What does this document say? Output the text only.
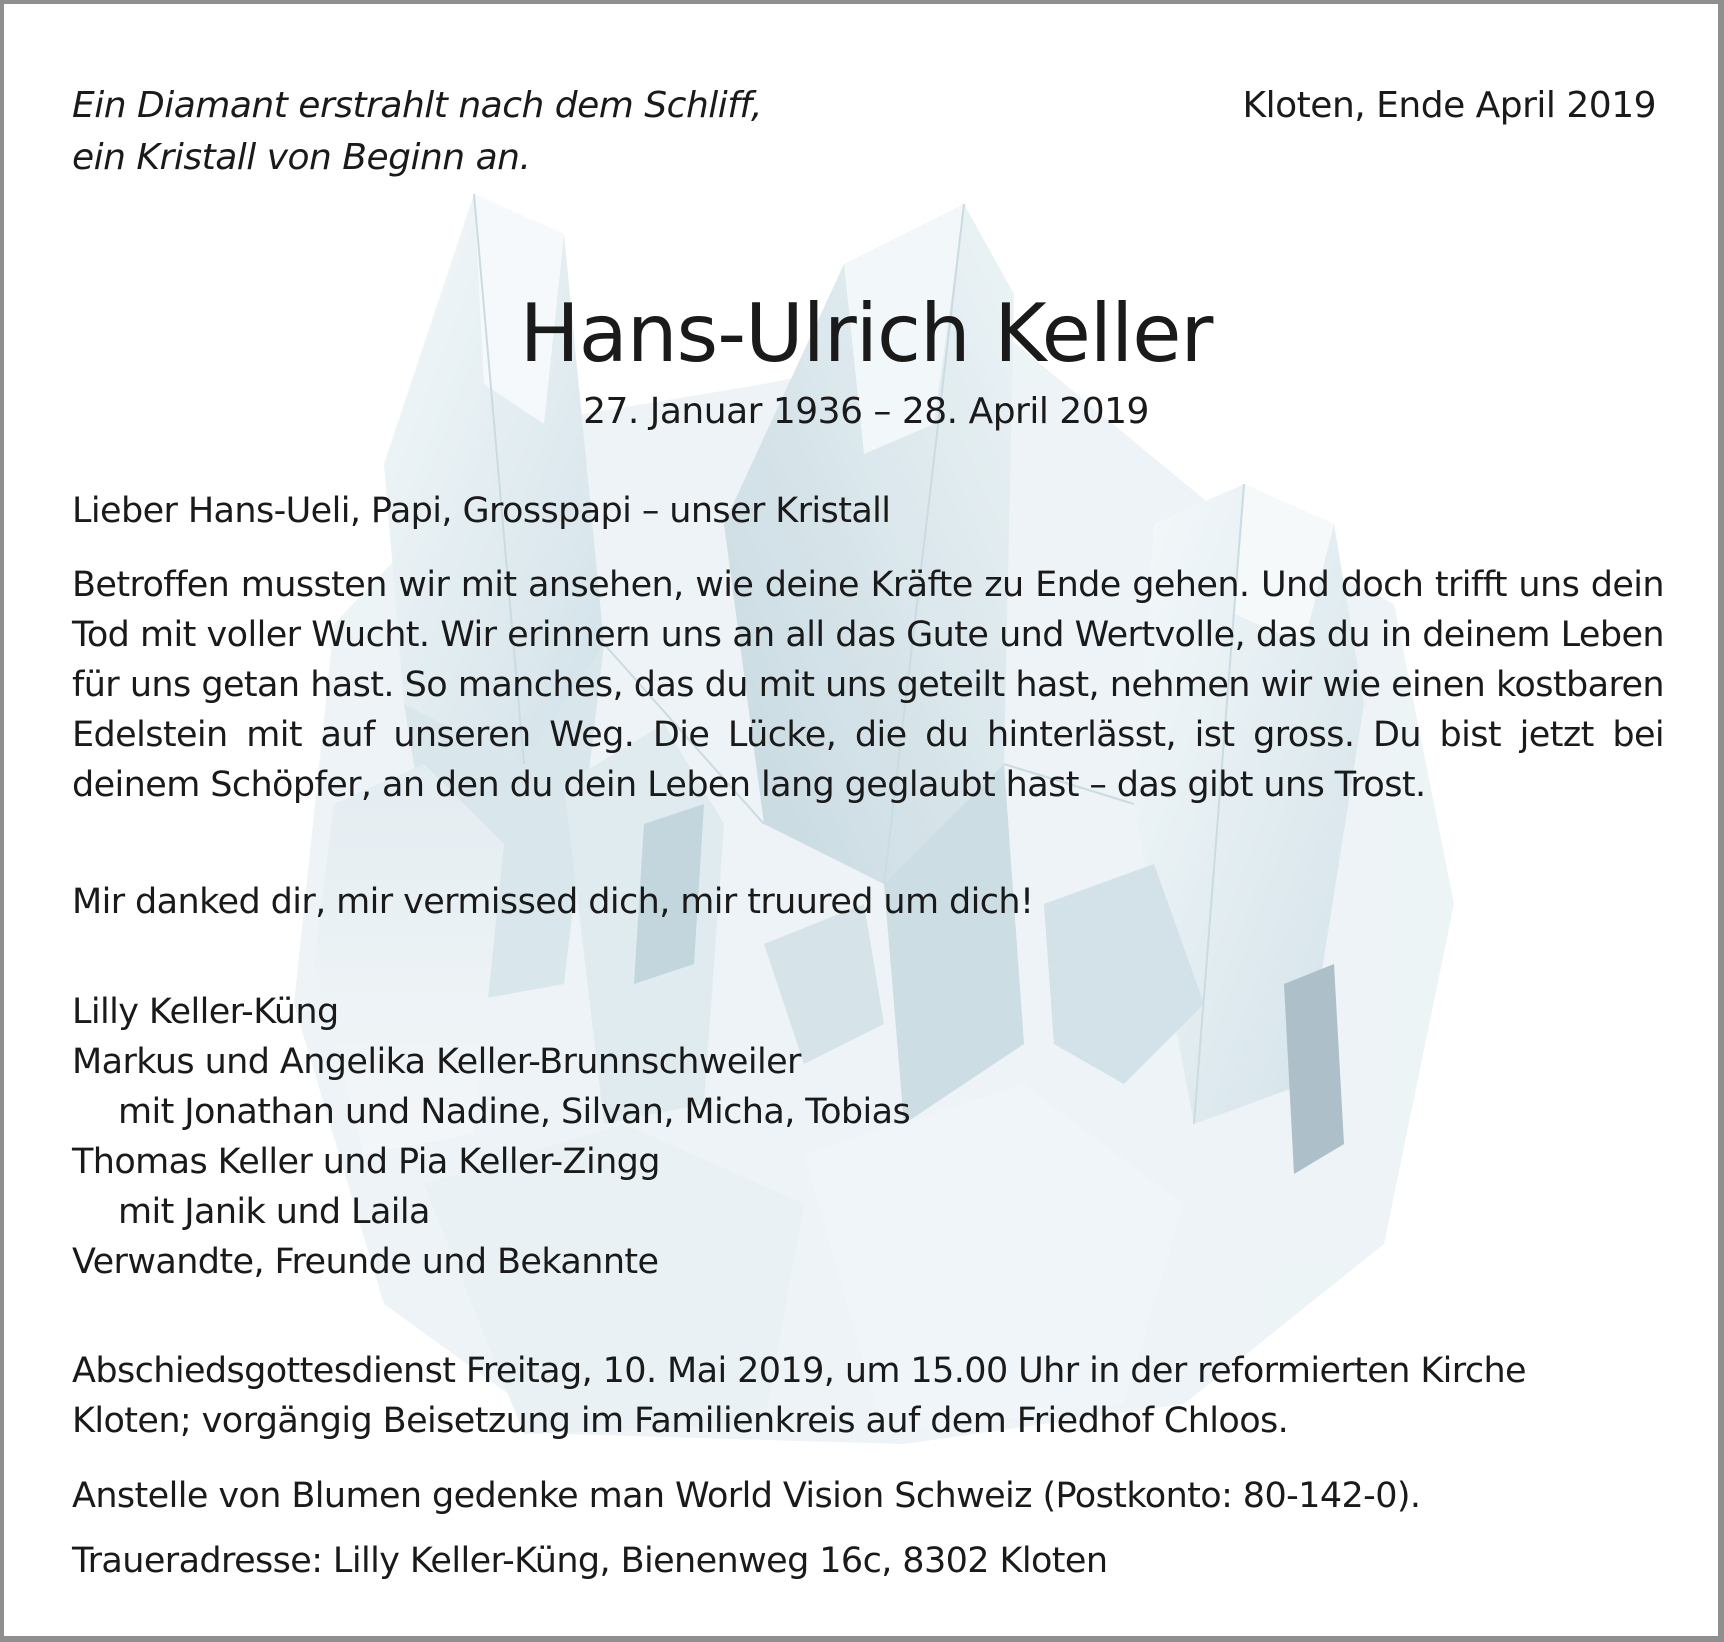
Ein Diamant erstrahlt nach dem Schliff,
ein Kristall von Beginn an.
Kloten, Ende April 2019
Hans-Ulrich Keller
27. Januar 1936 – 28. April 2019
Lieber Hans-Ueli, Papi, Grosspapi – unser Kristall
Betroffen mussten wir mit ansehen, wie deine Kräfte zu Ende gehen. Und doch trifft uns dein Tod mit voller Wucht. Wir erinnern uns an all das Gute und Wertvolle, das du in deinem Leben für uns getan hast. So manches, das du mit uns geteilt hast, nehmen wir wie einen kostbaren Edelstein mit auf unseren Weg. Die Lücke, die du hinterlässt, ist gross. Du bist jetzt bei deinem Schöpfer, an den du dein Leben lang geglaubt hast – das gibt uns Trost.
Mir danked dir, mir vermissed dich, mir truured um dich!
Lilly Keller-Küng
Markus und Angelika Keller-Brunnschweiler
mit Jonathan und Nadine, Silvan, Micha, Tobias
Thomas Keller und Pia Keller-Zingg
mit Janik und Laila
Verwandte, Freunde und Bekannte
Abschiedsgottesdienst Freitag, 10. Mai 2019, um 15.00 Uhr in der reformierten Kirche
Kloten; vorgängig Beisetzung im Familienkreis auf dem Friedhof Chloos.
Anstelle von Blumen gedenke man World Vision Schweiz (Postkonto: 80-142-0).
Traueradresse: Lilly Keller-Küng, Bienenweg 16c, 8302 Kloten
